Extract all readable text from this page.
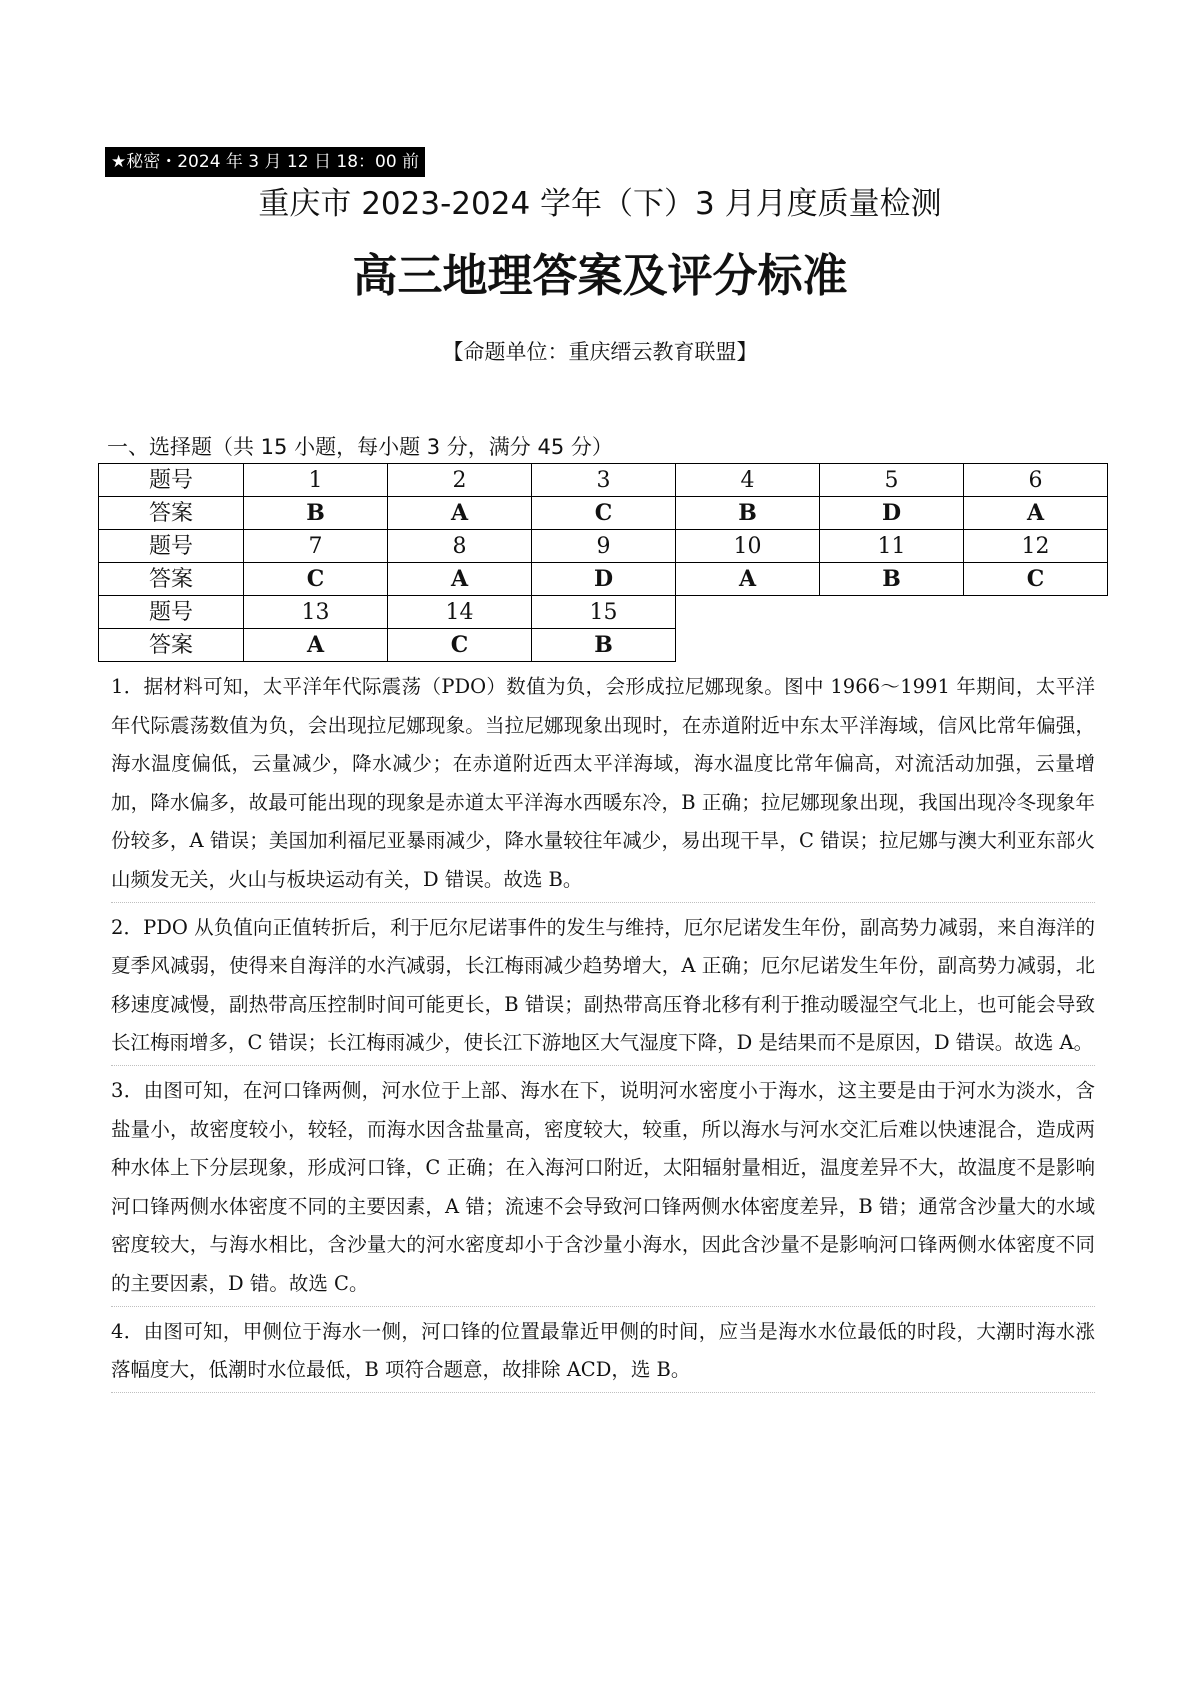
★秘密・2024 年 3 月 12 日 18：00 前
重庆市 2023-2024 学年（下）3 月月度质量检测
高三地理答案及评分标准
【命题单位：重庆缙云教育联盟】
一、选择题（共 15 小题，每小题 3 分，满分 45 分）
题号	1	2	3	4	5	6
答案	B	A	C	B	D	A
题号	7	8	9	10	11	12
答案	C	A	D	A	B	C
题号	13	14	15			
答案	A	C	B			

1．据材料可知，太平洋年代际震荡（PDO）数值为负，会形成拉尼娜现象。图中 1966～1991 年期间，太平洋年代际震荡数值为负，会出现拉尼娜现象。当拉尼娜现象出现时，在赤道附近中东太平洋海域，信风比常年偏强，海水温度偏低，云量减少，降水减少；在赤道附近西太平洋海域，海水温度比常年偏高，对流活动加强，云量增加，降水偏多，故最可能出现的现象是赤道太平洋海水西暖东冷，B 正确；拉尼娜现象出现，我国出现冷冬现象年份较多，A 错误；美国加利福尼亚暴雨减少，降水量较往年减少，易出现干旱，C 错误；拉尼娜与澳大利亚东部火山频发无关，火山与板块运动有关，D 错误。故选 B。

2．PDO 从负值向正值转折后，利于厄尔尼诺事件的发生与维持，厄尔尼诺发生年份，副高势力减弱，来自海洋的夏季风减弱，使得来自海洋的水汽减弱，长江梅雨减少趋势增大，A 正确；厄尔尼诺发生年份，副高势力减弱，北移速度减慢，副热带高压控制时间可能更长，B 错误；副热带高压脊北移有利于推动暖湿空气北上，也可能会导致长江梅雨增多，C 错误；长江梅雨减少，使长江下游地区大气湿度下降，D 是结果而不是原因，D 错误。故选 A。

3．由图可知，在河口锋两侧，河水位于上部、海水在下，说明河水密度小于海水，这主要是由于河水为淡水，含盐量小，故密度较小，较轻，而海水因含盐量高，密度较大，较重，所以海水与河水交汇后难以快速混合，造成两种水体上下分层现象，形成河口锋，C 正确；在入海河口附近，太阳辐射量相近，温度差异不大，故温度不是影响河口锋两侧水体密度不同的主要因素，A 错；流速不会导致河口锋两侧水体密度差异，B 错；通常含沙量大的水域密度较大，与海水相比，含沙量大的河水密度却小于含沙量小海水，因此含沙量不是影响河口锋两侧水体密度不同的主要因素，D 错。故选 C。

4．由图可知，甲侧位于海水一侧，河口锋的位置最靠近甲侧的时间，应当是海水水位最低的时段，大潮时海水涨落幅度大，低潮时水位最低，B 项符合题意，故排除 ACD，选 B。
